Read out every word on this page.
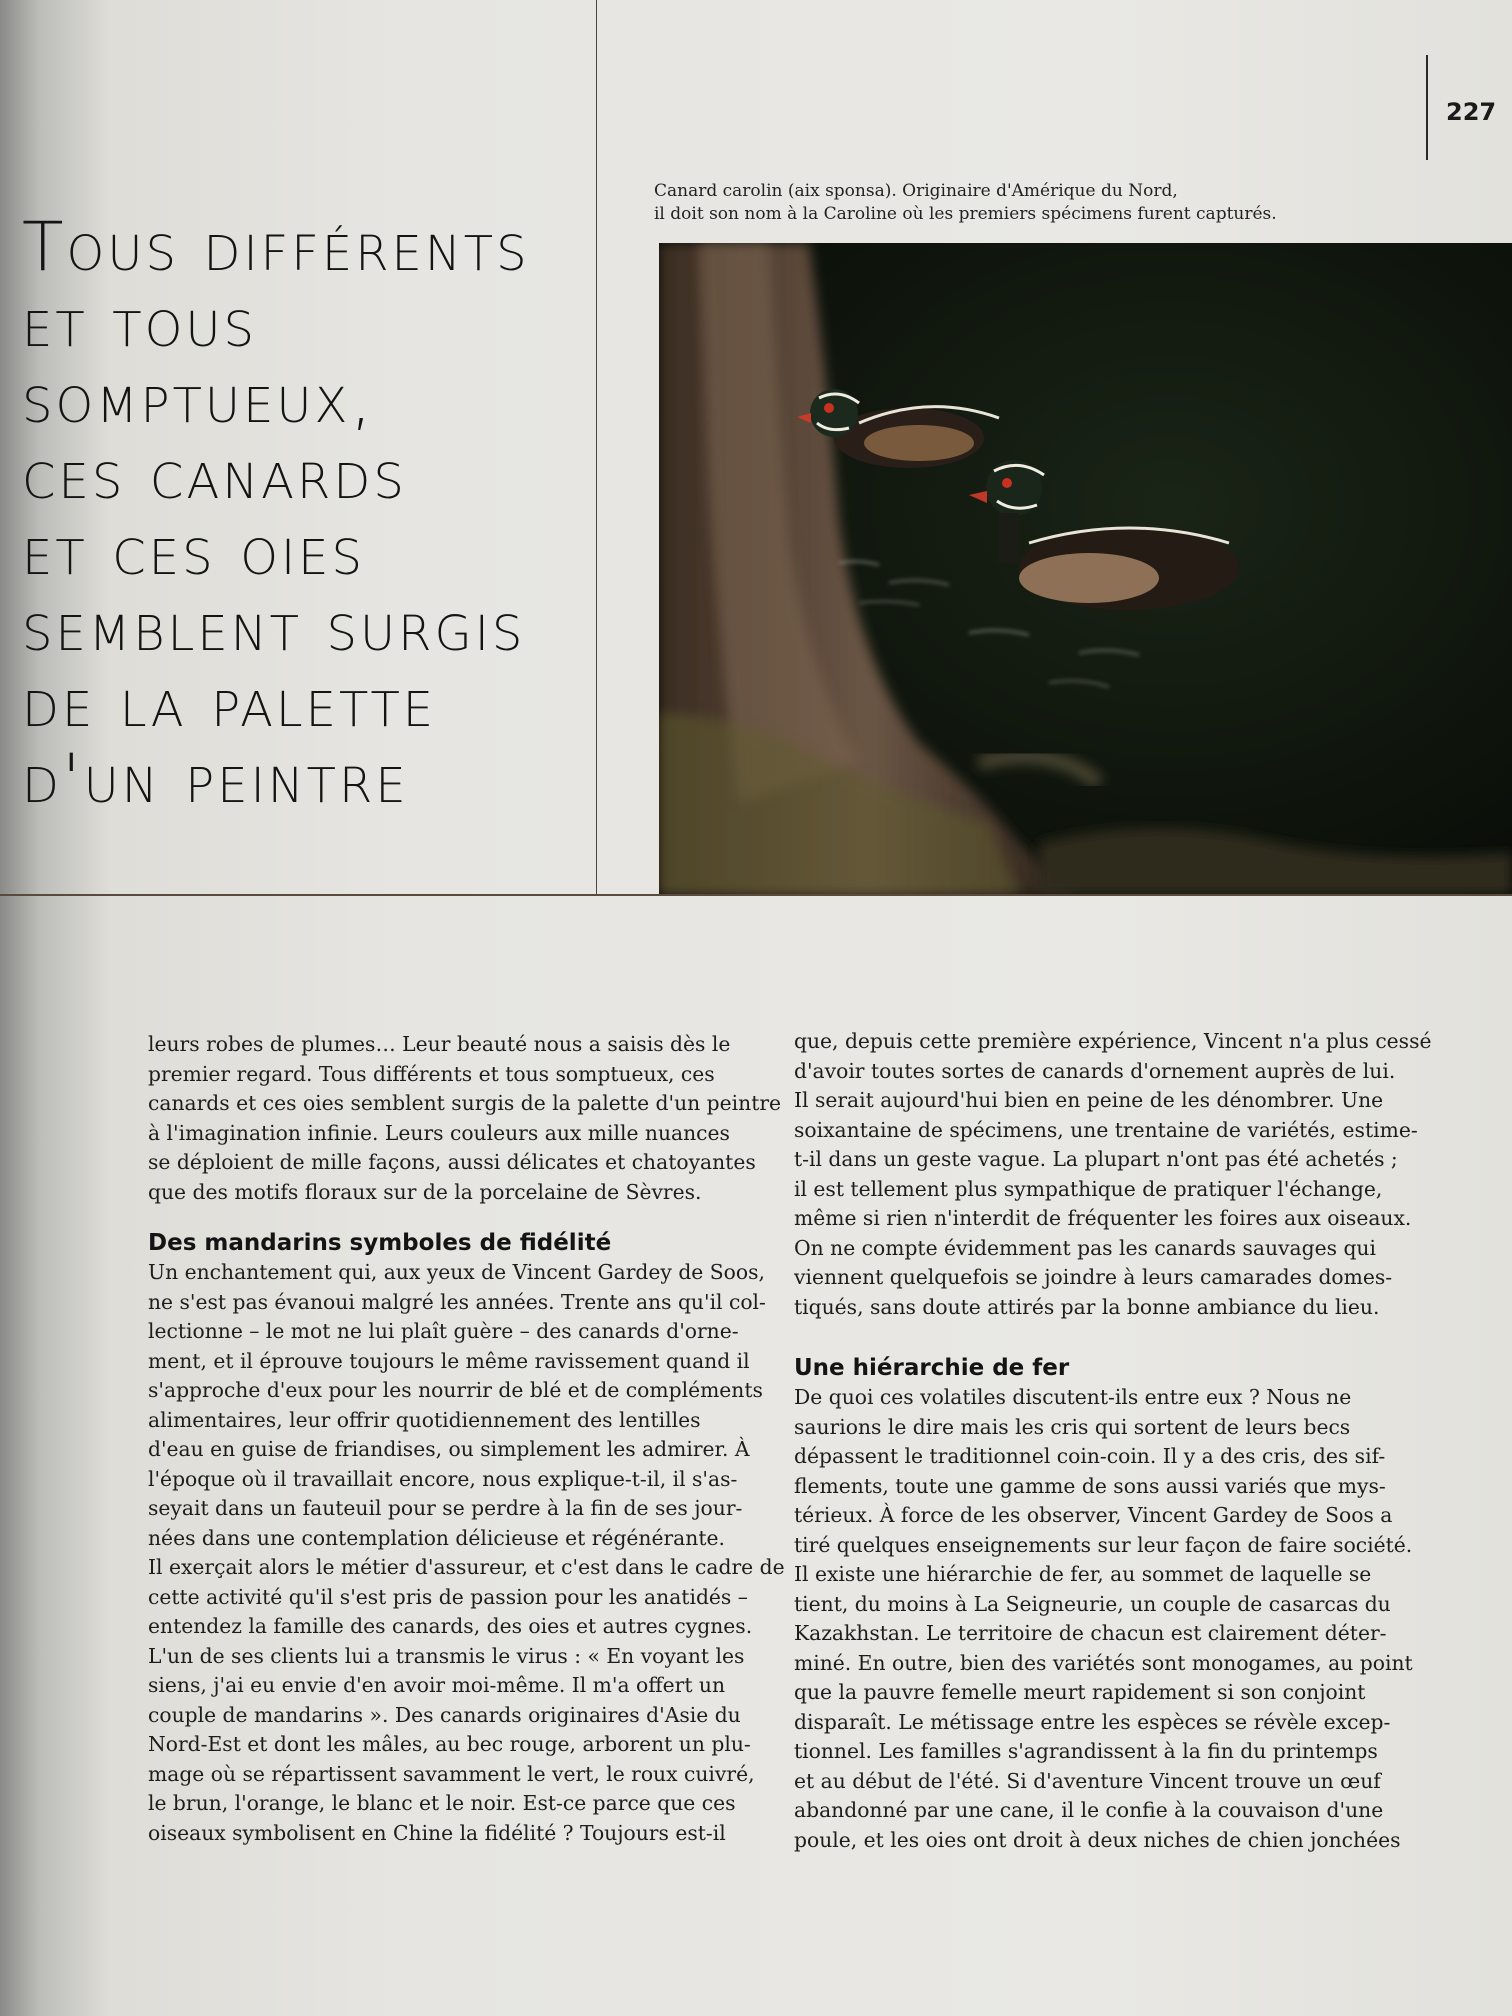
227
Tous différents
et tous
somptueux,
ces canards
et ces oies
semblent surgis
de la palette
d'un peintre
Canard carolin (aix sponsa). Originaire d'Amérique du Nord,
il doit son nom à la Caroline où les premiers spécimens furent capturés.
leurs robes de plumes… Leur beauté nous a saisis dès le
premier regard. Tous différents et tous somptueux, ces
canards et ces oies semblent surgis de la palette d'un peintre
à l'imagination infinie. Leurs couleurs aux mille nuances
se déploient de mille façons, aussi délicates et chatoyantes
que des motifs floraux sur de la porcelaine de Sèvres.
Des mandarins symboles de fidélité
Un enchantement qui, aux yeux de Vincent Gardey de Soos,
ne s'est pas évanoui malgré les années. Trente ans qu'il col-
lectionne – le mot ne lui plaît guère – des canards d'orne-
ment, et il éprouve toujours le même ravissement quand il
s'approche d'eux pour les nourrir de blé et de compléments
alimentaires, leur offrir quotidiennement des lentilles
d'eau en guise de friandises, ou simplement les admirer. À
l'époque où il travaillait encore, nous explique-t-il, il s'as-
seyait dans un fauteuil pour se perdre à la fin de ses jour-
nées dans une contemplation délicieuse et régénérante.
Il exerçait alors le métier d'assureur, et c'est dans le cadre de
cette activité qu'il s'est pris de passion pour les anatidés –
entendez la famille des canards, des oies et autres cygnes.
L'un de ses clients lui a transmis le virus : « En voyant les
siens, j'ai eu envie d'en avoir moi-même. Il m'a offert un
couple de mandarins ». Des canards originaires d'Asie du
Nord-Est et dont les mâles, au bec rouge, arborent un plu-
mage où se répartissent savamment le vert, le roux cuivré,
le brun, l'orange, le blanc et le noir. Est-ce parce que ces
oiseaux symbolisent en Chine la fidélité ? Toujours est-il
que, depuis cette première expérience, Vincent n'a plus cessé
d'avoir toutes sortes de canards d'ornement auprès de lui.
Il serait aujourd'hui bien en peine de les dénombrer. Une
soixantaine de spécimens, une trentaine de variétés, estime-
t-il dans un geste vague. La plupart n'ont pas été achetés ;
il est tellement plus sympathique de pratiquer l'échange,
même si rien n'interdit de fréquenter les foires aux oiseaux.
On ne compte évidemment pas les canards sauvages qui
viennent quelquefois se joindre à leurs camarades domes-
tiqués, sans doute attirés par la bonne ambiance du lieu.
Une hiérarchie de fer
De quoi ces volatiles discutent-ils entre eux ? Nous ne
saurions le dire mais les cris qui sortent de leurs becs
dépassent le traditionnel coin-coin. Il y a des cris, des sif-
flements, toute une gamme de sons aussi variés que mys-
térieux. À force de les observer, Vincent Gardey de Soos a
tiré quelques enseignements sur leur façon de faire société.
Il existe une hiérarchie de fer, au sommet de laquelle se
tient, du moins à La Seigneurie, un couple de casarcas du
Kazakhstan. Le territoire de chacun est clairement déter-
miné. En outre, bien des variétés sont monogames, au point
que la pauvre femelle meurt rapidement si son conjoint
disparaît. Le métissage entre les espèces se révèle excep-
tionnel. Les familles s'agrandissent à la fin du printemps
et au début de l'été. Si d'aventure Vincent trouve un œuf
abandonné par une cane, il le confie à la couvaison d'une
poule, et les oies ont droit à deux niches de chien jonchées
